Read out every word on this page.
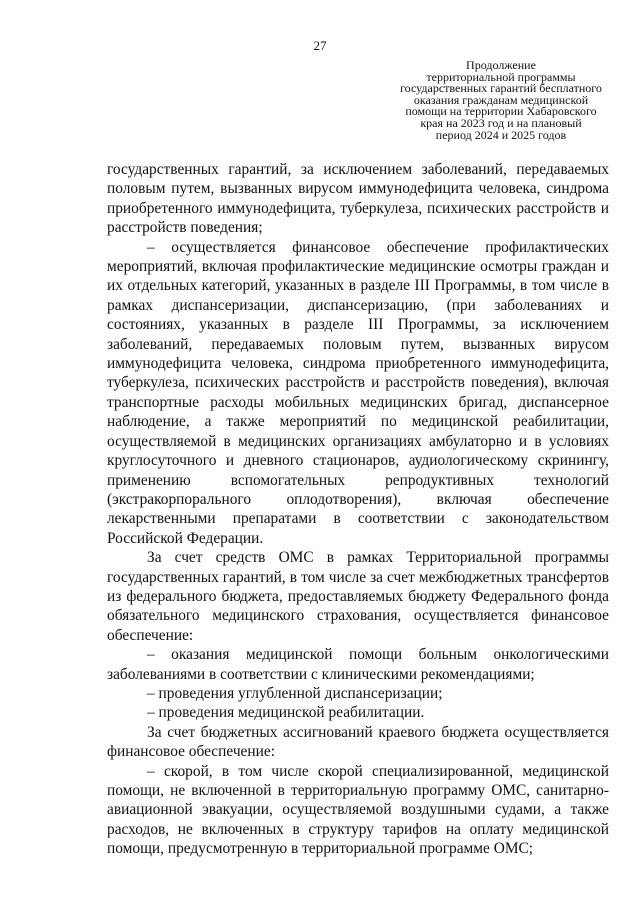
27
Продолжение
территориальной программы
государственных гарантий бесплатного
оказания гражданам медицинской
помощи на территории Хабаровского
края на 2023 год и на плановый
период 2024 и 2025 годов

государственных гарантий, за исключением заболеваний, передаваемых половым путем, вызванных вирусом иммунодефицита человека, синдрома приобретенного иммунодефицита, туберкулеза, психических расстройств и расстройств поведения;

– осуществляется финансовое обеспечение профилактических мероприятий, включая профилактические медицинские осмотры граждан и их отдельных категорий, указанных в разделе III Программы, в том числе в рамках диспансеризации, диспансеризацию, (при заболеваниях и состояниях, указанных в разделе III Программы, за исключением заболеваний, передаваемых половым путем, вызванных вирусом иммунодефицита человека, синдрома приобретенного иммунодефицита, туберкулеза, психических расстройств и расстройств поведения), включая транспортные расходы мобильных медицинских бригад, диспансерное наблюдение, а также мероприятий по медицинской реабилитации, осуществляемой в медицинских организациях амбулаторно и в условиях круглосуточного и дневного стационаров, аудиологическому скринингу, применению вспомогательных репродуктивных технологий (экстракорпорального оплодотворения), включая обеспечение лекарственными препаратами в соответствии с законодательством Российской Федерации.

За счет средств ОМС в рамках Территориальной программы государственных гарантий, в том числе за счет межбюджетных трансфертов из федерального бюджета, предоставляемых бюджету Федерального фонда обязательного медицинского страхования, осуществляется финансовое обеспечение:

– оказания медицинской помощи больным онкологическими заболеваниями в соответствии с клиническими рекомендациями;

– проведения углубленной диспансеризации;

– проведения медицинской реабилитации.

За счет бюджетных ассигнований краевого бюджета осуществляется финансовое обеспечение:

– скорой, в том числе скорой специализированной, медицинской помощи, не включенной в территориальную программу ОМС, санитарно-авиационной эвакуации, осуществляемой воздушными судами, а также расходов, не включенных в структуру тарифов на оплату медицинской помощи, предусмотренную в территориальной программе ОМС;
